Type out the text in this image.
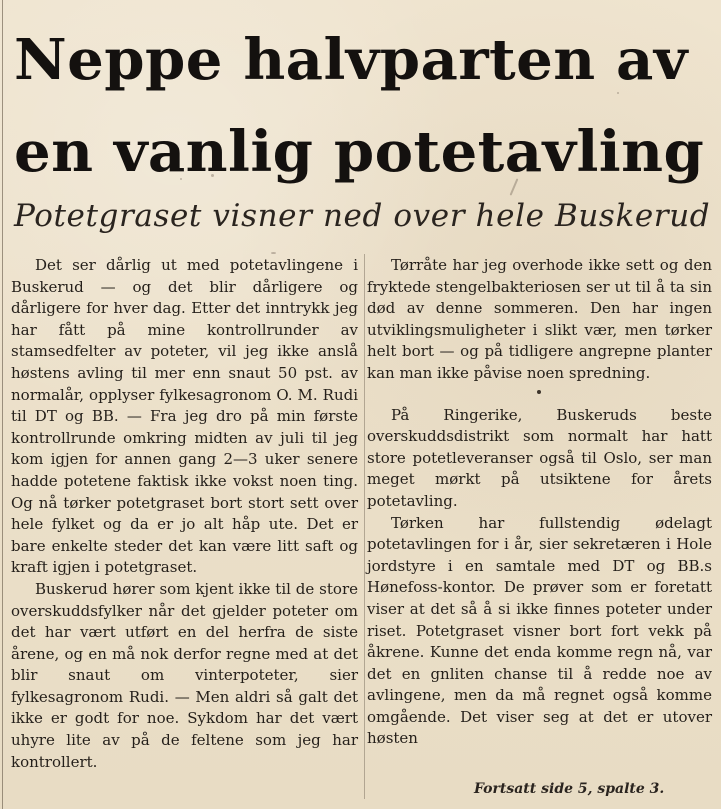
Neppe halvparten av
en vanlig potetavling
Potetgraset visner ned over hele Buskerud

Det ser dårlig ut med potetavlingene i Buskerud — og det blir dårligere og dårligere for hver dag. Etter det inntrykk jeg har fått på mine kontrollrunder av stamsedfelter av poteter, vil jeg ikke anslå høstens avling til mer enn snaut 50 pst. av normalår, opplyser fylkesagronom O. M. Rudi til DT og BB. — Fra jeg dro på min første kontrollrunde omkring midten av juli til jeg kom igjen for annen gang 2—3 uker senere hadde potetene faktisk ikke vokst noen ting. Og nå tørker potetgraset bort stort sett over hele fylket og da er jo alt håp ute. Det er bare enkelte steder det kan være litt saft og kraft igjen i potetgraset.

Buskerud hører som kjent ikke til de store overskuddsfylker når det gjelder poteter om det har vært utført en del herfra de siste årene, og en må nok derfor regne med at det blir snaut om vinterpoteter, sier fylkesagronom Rudi. — Men aldri så galt det ikke er godt for noe. Sykdom har det vært uhyre lite av på de feltene som jeg har kontrollert.

Tørråte har jeg overhode ikke sett og den fryktede stengelbakteriosen ser ut til å ta sin død av denne sommeren. Den har ingen utviklingsmuligheter i slikt vær, men tørker helt bort — og på tidligere angrepne planter kan man ikke påvise noen spredning.

På Ringerike, Buskeruds beste overskuddsdistrikt som normalt har hatt store potetleveranser også til Oslo, ser man meget mørkt på utsiktene for årets potetavling.

Tørken har fullstendig ødelagt potetavlingen for i år, sier sekretæren i Hole jordstyre i en samtale med DT og BB.s Hønefoss-kontor. De prøver som er foretatt viser at det så å si ikke finnes poteter under riset. Potetgraset visner bort fort vekk på åkrene. Kunne det enda komme regn nå, var det en gnliten chanse til å redde noe av avlingene, men da må regnet også komme omgående. Det viser seg at det er utover høsten

Fortsatt side 5, spalte 3.
